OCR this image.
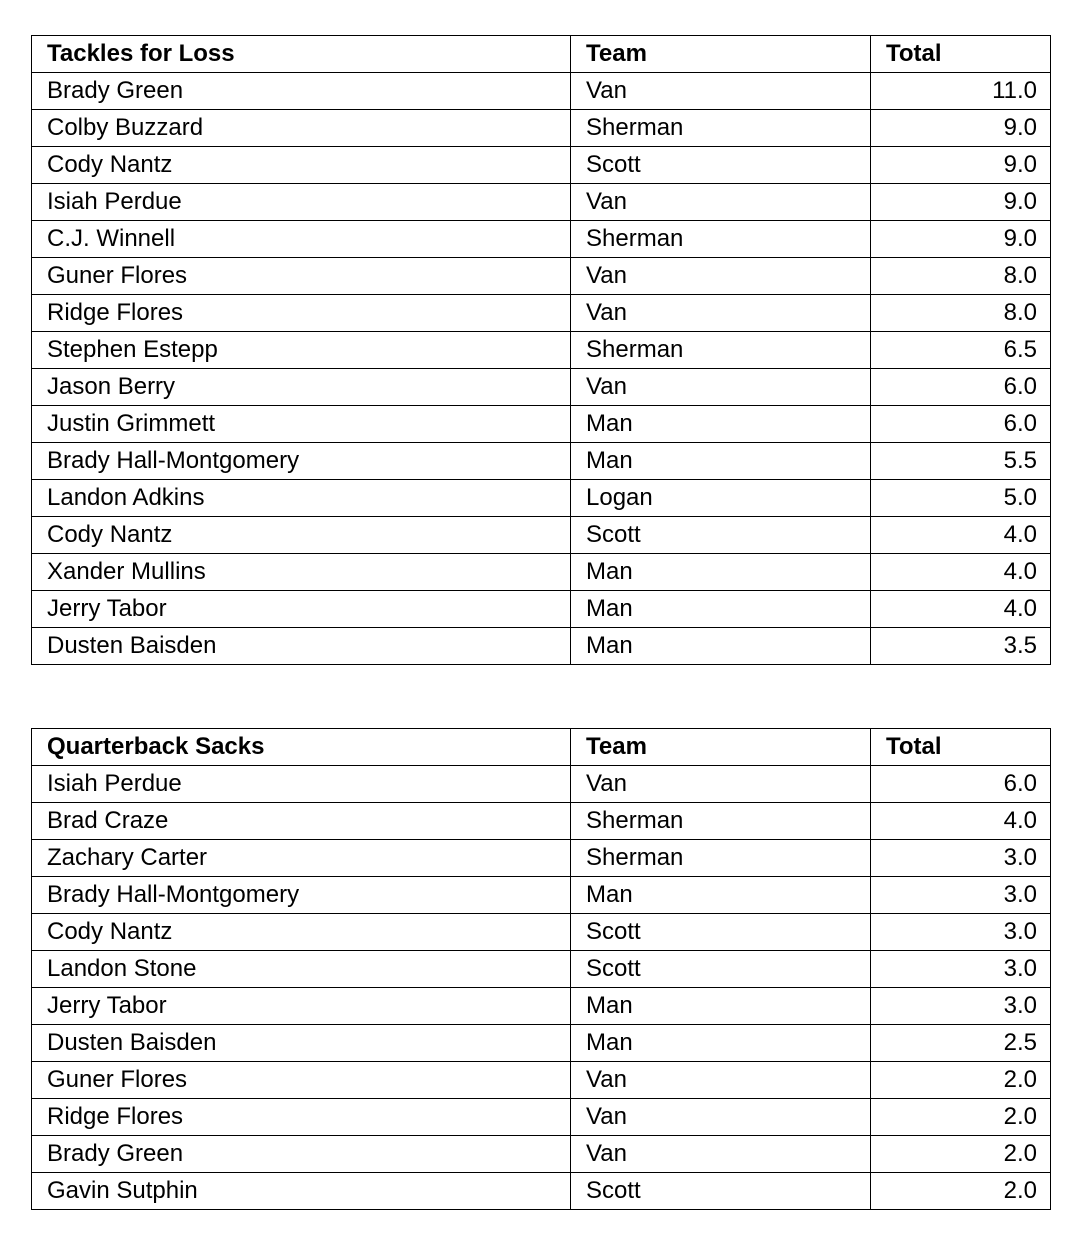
Tackles for Loss	Team	Total
Brady Green	Van	11.0
Colby Buzzard	Sherman	9.0
Cody Nantz	Scott	9.0
Isiah Perdue	Van	9.0
C.J. Winnell	Sherman	9.0
Guner Flores	Van	8.0
Ridge Flores	Van	8.0
Stephen Estepp	Sherman	6.5
Jason Berry	Van	6.0
Justin Grimmett	Man	6.0
Brady Hall-Montgomery	Man	5.5
Landon Adkins	Logan	5.0
Cody Nantz	Scott	4.0
Xander Mullins	Man	4.0
Jerry Tabor	Man	4.0
Dusten Baisden	Man	3.5
Quarterback Sacks	Team	Total
Isiah Perdue	Van	6.0
Brad Craze	Sherman	4.0
Zachary Carter	Sherman	3.0
Brady Hall-Montgomery	Man	3.0
Cody Nantz	Scott	3.0
Landon Stone	Scott	3.0
Jerry Tabor	Man	3.0
Dusten Baisden	Man	2.5
Guner Flores	Van	2.0
Ridge Flores	Van	2.0
Brady Green	Van	2.0
Gavin Sutphin	Scott	2.0
